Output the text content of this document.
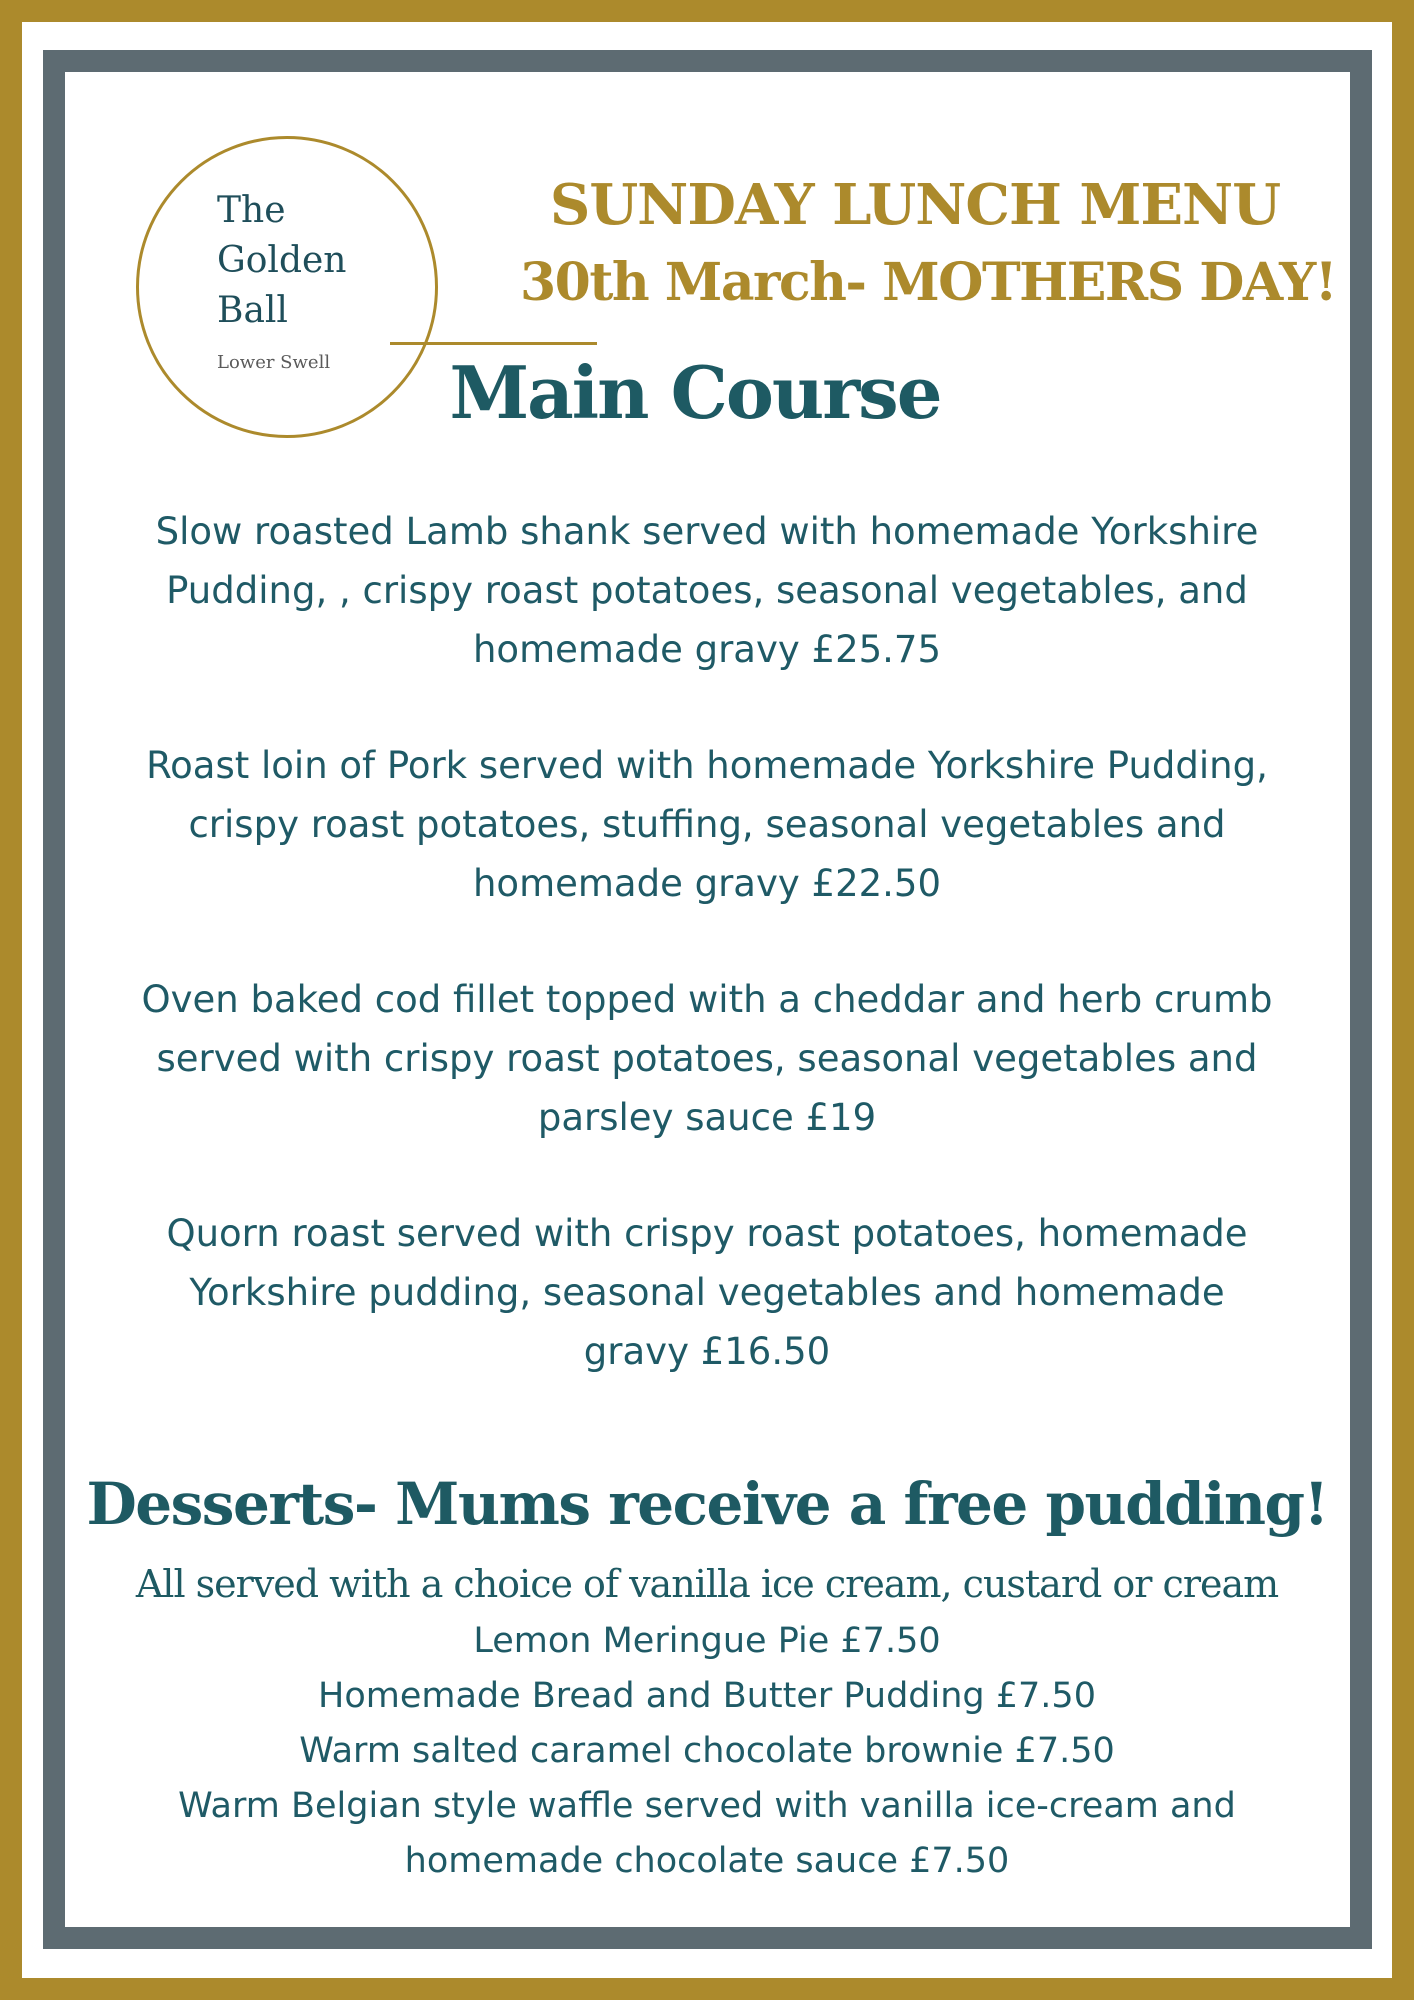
The
Golden
Ball
Lower Swell
SUNDAY LUNCH MENU
30th March- MOTHERS DAY!
Main Course
Slow roasted Lamb shank served with homemade Yorkshire
Pudding, , crispy roast potatoes, seasonal vegetables, and
homemade gravy £25.75
Roast loin of Pork served with homemade Yorkshire Pudding,
crispy roast potatoes, stuffing, seasonal vegetables and
homemade gravy £22.50
Oven baked cod fillet topped with a cheddar and herb crumb
served with crispy roast potatoes, seasonal vegetables and
parsley sauce £19
Quorn roast served with crispy roast potatoes, homemade
Yorkshire pudding, seasonal vegetables and homemade
gravy £16.50
Desserts- Mums receive a free pudding!
All served with a choice of vanilla ice cream, custard or cream
Lemon Meringue Pie £7.50
Homemade Bread and Butter Pudding £7.50
Warm salted caramel chocolate brownie £7.50
Warm Belgian style waffle served with vanilla ice-cream and
homemade chocolate sauce £7.50
